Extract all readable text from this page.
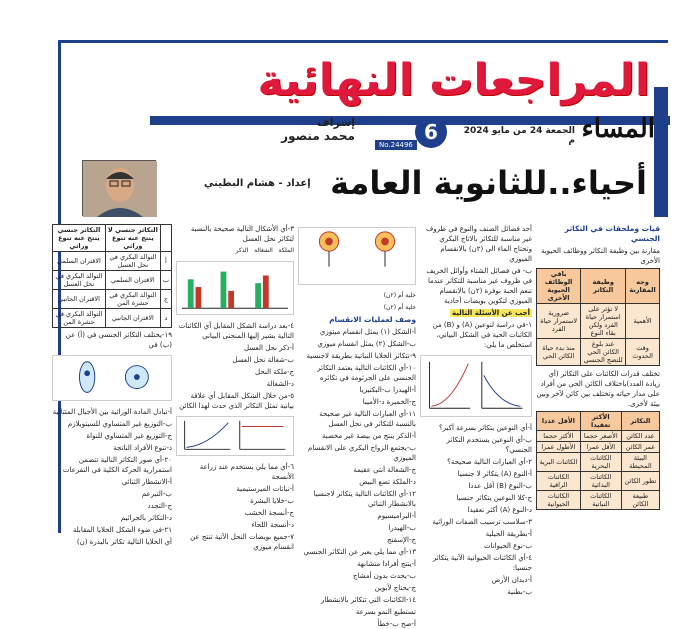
المراجعات النهائية
إشراف
محمد منصور
No.24496
6	الجمعة 24 من مايو 2024 م المساء
إعداد - هشام البطيني أحياء..للثانوية العامة

قيات وملحقات في التكاثر الجنسي

مقارنة بين وظيفة التكاثر ووظائف الحيوية الأخرى

وجه المقارنة	وظيفة التكاثر	باقي الوظائف الحيوية الأخرى
الأهمية	لا تؤثر على استمرار حياة الفرد ولكن بقاء النوع	ضرورية لاستمرار حياة الفرد
وقت الحدوث	عند بلوغ الكائن الحي للنضج الجنسي	منذ بدء حياة الكائن الحي

تختلف قدرات الكائنات على التكاثر (أي زيادة العدد)باختلاف الكائن الحي من أفراد على مدار حياته وتختلف بين كائن لآخر وبين بيئة لأخرى.

التكاثر	الأكثر تعقيدا	الأقل عددا
عدد الكائن	الأصغر حجما	الأكثر حجما
عمر الكائن	الأقل عمرا	الأطول عمرا
البيئة المحيطة	الكائنات البحرية	الكائنات البرية
تطور الكائن	الكائنات البدائية	الكائنات الراقية
طبيعة الكائن	الكائنات النباتية	الكائنات الحيوانية

أحد فصائل الصنف والنوع في ظروف غير مناسبة للتكاثر بالاتاج البكري وتحتاج الماء الى (٢ن) بالانقسام الميوزي

ب- في فصائل الشتاء وأوائل الخريف في ظروف غير مناسبة للتكاثر عندما تنعم الحبة بوفرة (٢ن) بالانقسام الميوزي لتكوين بويضات أحادية

أجب عن الأسئلة التالية

١-في دراسة لنوعين (A) و (B) من الكائنات الحية في الشكل البياني، استخلص ما يلي:

أ-أي النوعين يتكاثر بسرعة أكبر؟

ب-أي النوعين يستخدم التكاثر الجنسي؟

٢-أي العبارات التالية صحيحة؟

أ-النوع (A) يتكاثر لا جنسيا

ب-النوع (B) أقل عددا

ج-كلا النوعين يتكاثر جنسيا

د-النوع (A) أكثر تعقيدا

٣-سلاسب ترسيب الصفات الوراثية

أ-بطريقة الجيلية

ب-نوع الحيوانات

٤-أي الكائنات الحيوانية الآتية يتكاثر جنسيا:

أ-ديدان الأرض

ب-بطنية

خلية أم (٢ن)

خلية أم (٢ن)

وصف لعمليات الانقسام

أ-الشكل (١) يمثل انقسام ميتوزي

ب-الشكل (٢) يمثل انقسام ميوزي

٩-تتكاثر الخلايا النباتية بطريقة لاجنسية

١٠-أي الكائنات التالية يعتمد التكاثر الجنسي على الجرثومة في تكاثره

أ-الهيدرا ب-البكتيريا

ج-الخميرة د-الأميبا

١١-أي العبارات التالية غير صحيحة بالنسبة للتكاثر في نحل العسل

أ-الذكر ينتج من بيضة غير مخصبة

ب-يجتمع الزواج البكري على الانقسام الميوزي

ج-الشغالة أنثى عقيمة

د-الملكة تضع البيض

١٢-أي الكائنات التالية يتكاثر لاجنسيا بالانشطار الثنائي

أ-البراميسيوم

ب-الهيدرا

ج-الإسفنج

١٣-أي مما يلي يعبر عن التكاثر الجنسي

أ-ينتج أفرادا متشابهة

ب-يحدث بدون أمشاج

ج-يحتاج لأبوين

١٤-الكائنات التي تتكاثر بالانشطار

تستطيع النمو بسرعة

أ-صح ب-خطأ

٣-أي الأشكال التالية صحيحة بالنسبة لتكاثر نحل العسل

الملكة   الشغالة   الذكر

٤-بعد دراسة الشكل المقابل أي الكائنات التالية يشير إليها المنحنى البياني

أ-ذكر نحل العسل

ب-شغالة نحل العسل

ج-ملكة النحل

د-الشغالة

٥-من خلال الشكل المقابل أي علاقة بيانية تمثل التكاثر الذي حدث لهذا الكائن

٦-أي مما يلي يستخدم عند زراعة الأنسجة

أ-نباتات الميرستيمية

ب-خلايا البشرة

ج-أنسجة الخشب

د-أنسجة اللحاء

٧-جميع بويضات النحل الآتية تنتج عن انقسام ميوزي

	التكاثر جنسي لا ينتج عنه تنوع وراثي	التكاثر جنسي ينتج عنه تنوع وراثي
أ	التوالد البكري في نحل العسل	الاقتران السلمي
ب	الاقتران السلمي	التوالد البكري في نحل العسل
ج	التوالد البكري في حشرة المن	الاقتران الجانبي
د	الاقتران الجانبي	التوالد البكري في حشرة المن

١٩-يختلف التكاثر الجنسي في (أ) عن (ب) في

أ-تبادل المادة الوراثية بين الأجيال المتتالية

ب-التوزيع غير المتساوي للسيتوبلازم

ج-التوزيع غير المتساوي للنواة

د-تنوع الأفراد الناتجة

٢٠-أي صور التكاثر التالية تتضمن استمرارية الحركة الكلية في التفرعات

أ-الانشطار الثنائي

ب-التبرعم

ج-التجدد

د-التكاثر بالجراثيم

٢١-في ضوء الشكل الخلايا المقابلة

أي الخلايا التالية تكاثر بالبذرة (ن)
